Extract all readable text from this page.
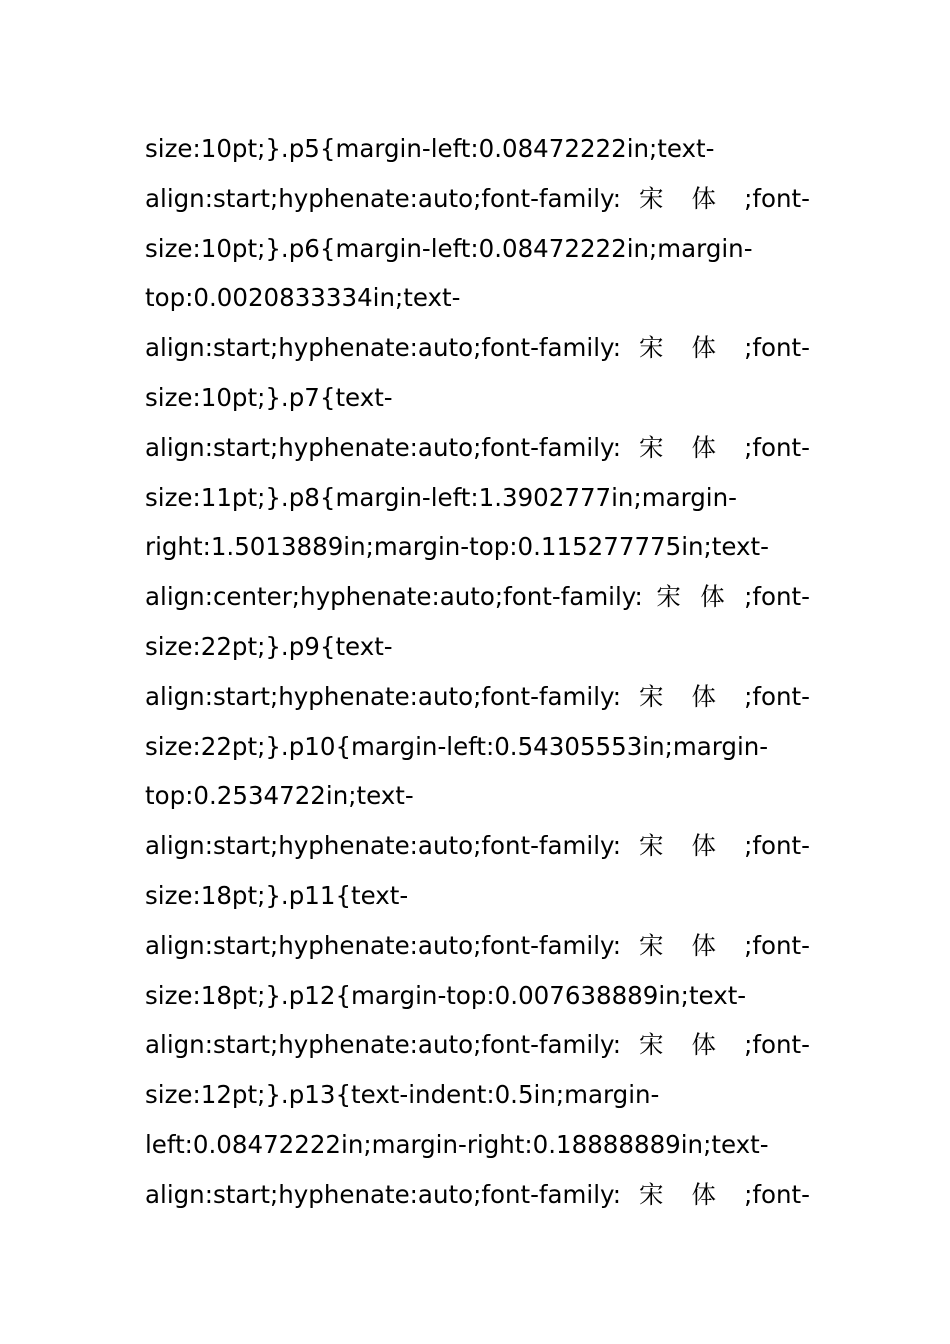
size:10pt;}.p5{margin-left:0.08472222in;text-
align:start;hyphenate:auto;font-family: 宋 体 ;font-
size:10pt;}.p6{margin-left:0.08472222in;margin-
top:0.0020833334in;text-
align:start;hyphenate:auto;font-family: 宋 体 ;font-
size:10pt;}.p7{text-
align:start;hyphenate:auto;font-family: 宋 体 ;font-
size:11pt;}.p8{margin-left:1.3902777in;margin-
right:1.5013889in;margin-top:0.115277775in;text-
align:center;hyphenate:auto;font-family: 宋 体 ;font-
size:22pt;}.p9{text-
align:start;hyphenate:auto;font-family: 宋 体 ;font-
size:22pt;}.p10{margin-left:0.54305553in;margin-
top:0.2534722in;text-
align:start;hyphenate:auto;font-family: 宋 体 ;font-
size:18pt;}.p11{text-
align:start;hyphenate:auto;font-family: 宋 体 ;font-
size:18pt;}.p12{margin-top:0.007638889in;text-
align:start;hyphenate:auto;font-family: 宋 体 ;font-
size:12pt;}.p13{text-indent:0.5in;margin-
left:0.08472222in;margin-right:0.18888889in;text-
align:start;hyphenate:auto;font-family: 宋 体 ;font-
